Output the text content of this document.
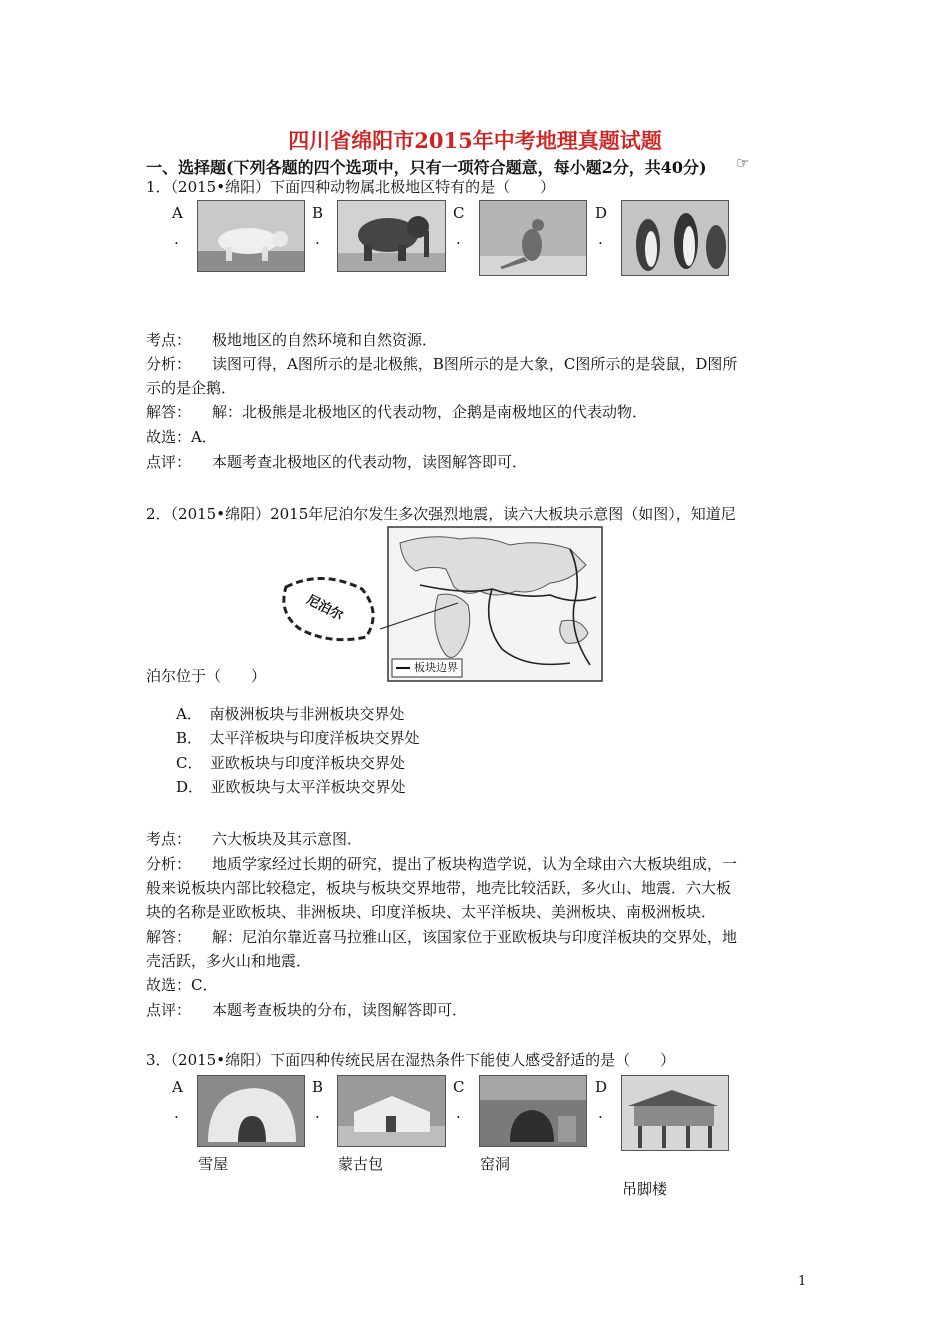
四川省绵阳市2015年中考地理真题试题
一、选择题(下列各题的四个选项中，只有一项符合题意，每小题2分，共40分) ☞
1．（2015•绵阳）下面四种动物属北极地区特有的是（　　）
A
.
B
.
C
.
D
.
考点： 极地地区的自然环境和自然资源．
分析： 读图可得，A图所示的是北极熊，B图所示的是大象，C图所示的是袋鼠，D图所
示的是企鹅．
解答： 解：北极熊是北极地区的代表动物，企鹅是南极地区的代表动物．
故选：A．
点评： 本题考查北极地区的代表动物，读图解答即可．
2．（2015•绵阳）2015年尼泊尔发生多次强烈地震，读六大板块示意图（如图），知道尼
尼泊尔
板块边界
泊尔位于（　　）
A．　南极洲板块与非洲板块交界处
B．　太平洋板块与印度洋板块交界处
C．　亚欧板块与印度洋板块交界处
D．　亚欧板块与太平洋板块交界处
考点： 六大板块及其示意图．
分析： 地质学家经过长期的研究，提出了板块构造学说，认为全球由六大板块组成，一
般来说板块内部比较稳定，板块与板块交界地带，地壳比较活跃，多火山、地震．六大板
块的名称是亚欧板块、非洲板块、印度洋板块、太平洋板块、美洲板块、南极洲板块．
解答： 解：尼泊尔靠近喜马拉雅山区，该国家位于亚欧板块与印度洋板块的交界处，地
壳活跃，多火山和地震．
故选：C．
点评： 本题考查板块的分布，读图解答即可．
3．（2015•绵阳）下面四种传统民居在湿热条件下能使人感受舒适的是（　　）
A
.
B
.
C
.
D
.
雪屋	蒙古包	窑洞
吊脚楼
1
